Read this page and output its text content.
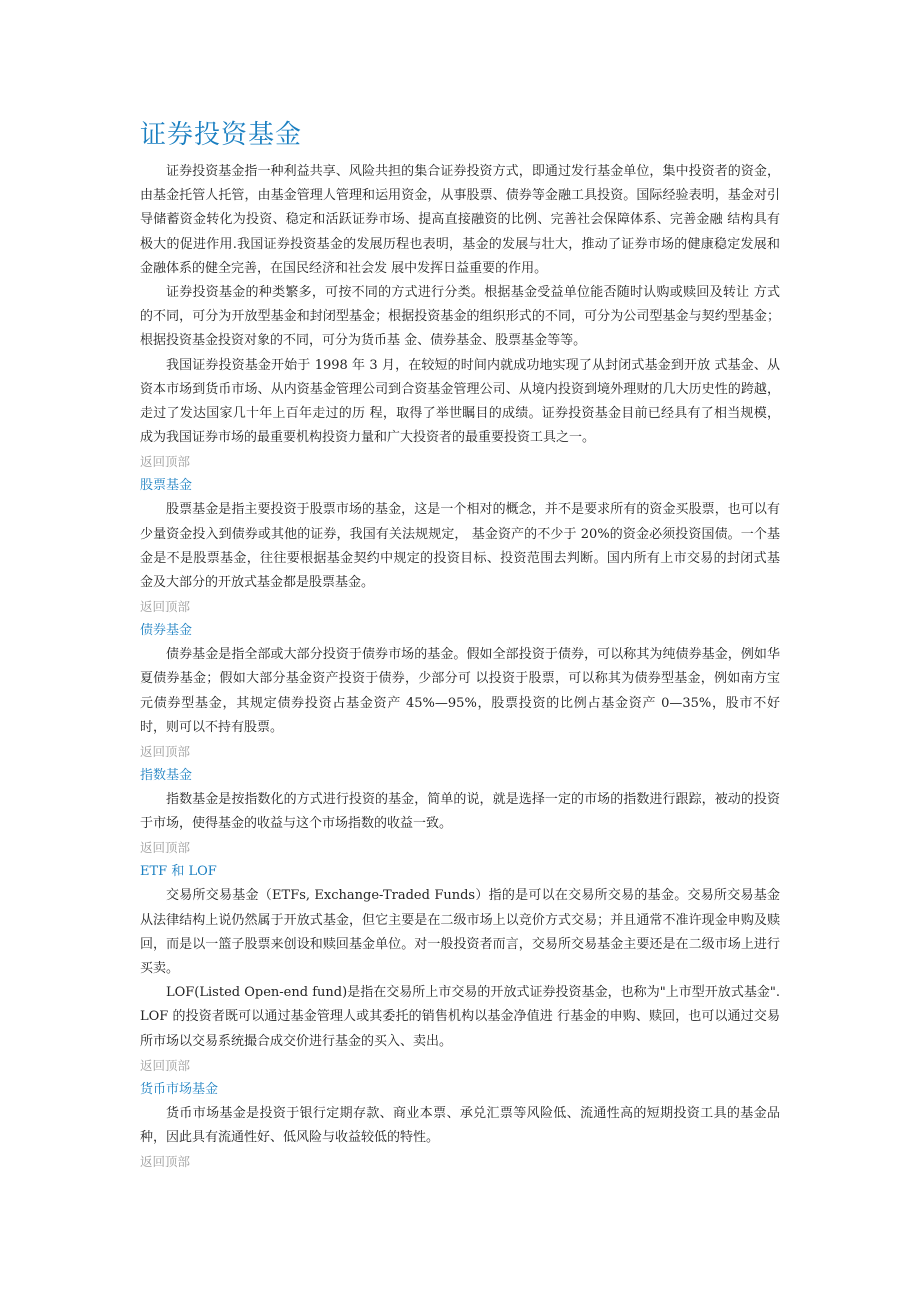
证券投资基金

证券投资基金指一种利益共享、风险共担的集合证券投资方式，即通过发行基金单位，集中投资者的资金，由基金托管人托管，由基金管理人管理和运用资金，从事股票、债券等金融工具投资。国际经验表明，基金对引导储蓄资金转化为投资、稳定和活跃证券市场、提高直接融资的比例、完善社会保障体系、完善金融 结构具有极大的促进作用.我国证券投资基金的发展历程也表明，基金的发展与壮大，推动了证券市场的健康稳定发展和金融体系的健全完善，在国民经济和社会发 展中发挥日益重要的作用。

证券投资基金的种类繁多，可按不同的方式进行分类。根据基金受益单位能否随时认购或赎回及转让 方式的不同，可分为开放型基金和封闭型基金；根据投资基金的组织形式的不同，可分为公司型基金与契约型基金；根据投资基金投资对象的不同，可分为货币基 金、债券基金、股票基金等等。

我国证券投资基金开始于 1998 年 3 月，在较短的时间内就成功地实现了从封闭式基金到开放 式基金、从资本市场到货币市场、从内资基金管理公司到合资基金管理公司、从境内投资到境外理财的几大历史性的跨越，走过了发达国家几十年上百年走过的历 程，取得了举世瞩目的成绩。证券投资基金目前已经具有了相当规模，成为我国证券市场的最重要机构投资力量和广大投资者的最重要投资工具之一。

返回顶部
股票基金

股票基金是指主要投资于股票市场的基金，这是一个相对的概念，并不是要求所有的资金买股票，也可以有少量资金投入到债券或其他的证券，我国有关法规规定， 基金资产的不少于 20%的资金必须投资国债。一个基金是不是股票基金，往往要根据基金契约中规定的投资目标、投资范围去判断。国内所有上市交易的封闭式基 金及大部分的开放式基金都是股票基金。

返回顶部
债券基金

债券基金是指全部或大部分投资于债券市场的基金。假如全部投资于债券，可以称其为纯债券基金，例如华夏债券基金；假如大部分基金资产投资于债券，少部分可 以投资于股票，可以称其为债券型基金，例如南方宝元债券型基金，其规定债券投资占基金资产 45%—95%，股票投资的比例占基金资产 0—35%，股市不好 时，则可以不持有股票。

返回顶部
指数基金

指数基金是按指数化的方式进行投资的基金，简单的说，就是选择一定的市场的指数进行跟踪，被动的投资于市场，使得基金的收益与这个市场指数的收益一致。

返回顶部
ETF 和 LOF

交易所交易基金（ETFs, Exchange-Traded Funds）指的是可以在交易所交易的基金。交易所交易基金从法律结构上说仍然属于开放式基金，但它主要是在二级市场上以竞价方式交易；并且通常不准许现金申购及赎回，而是以一篮子股票来创设和赎回基金单位。对一般投资者而言，交易所交易基金主要还是在二级市场上进行买卖。

LOF(Listed Open-end fund)是指在交易所上市交易的开放式证券投资基金，也称为"上市型开放式基金". LOF 的投资者既可以通过基金管理人或其委托的销售机构以基金净值进 行基金的申购、赎回，也可以通过交易所市场以交易系统撮合成交价进行基金的买入、卖出。

返回顶部
货币市场基金

货币市场基金是投资于银行定期存款、商业本票、承兑汇票等风险低、流通性高的短期投资工具的基金品种，因此具有流通性好、低风险与收益较低的特性。

返回顶部
